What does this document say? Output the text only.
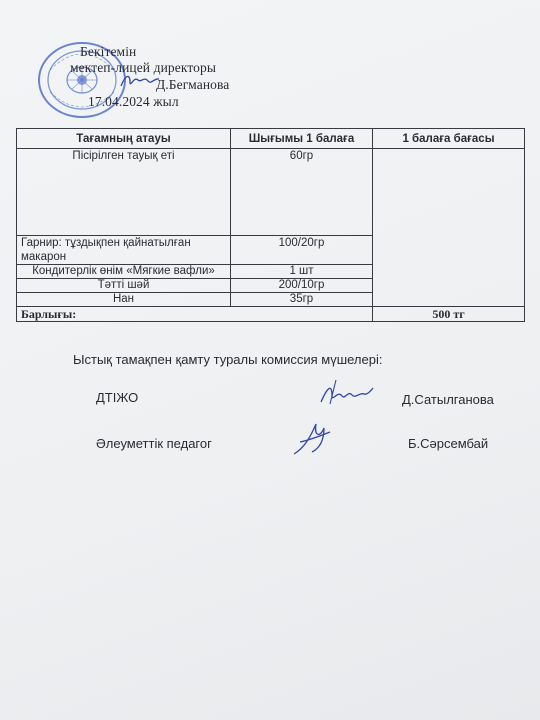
Бекітемін
мектеп-лицей директоры
Д.Бегманова
17.04.2024 жыл
Тағамның атауы	Шығымы 1 балаға	1 балаға бағасы
Пісірілген тауық еті	60гр	
Гарнир: тұздықпен қайнатылған макарон	100/20гр	
Кондитерлік өнім «Мягкие вафли»	1 шт	
Тәтті шәй	200/10гр	
Нан	35гр	
Барлығы:		500 тг
Ыстық тамақпен қамту туралы комиссия мүшелері:
ДТІЖО	Д.Сатылганова
Әлеуметтік педагог	Б.Сәрсембай
